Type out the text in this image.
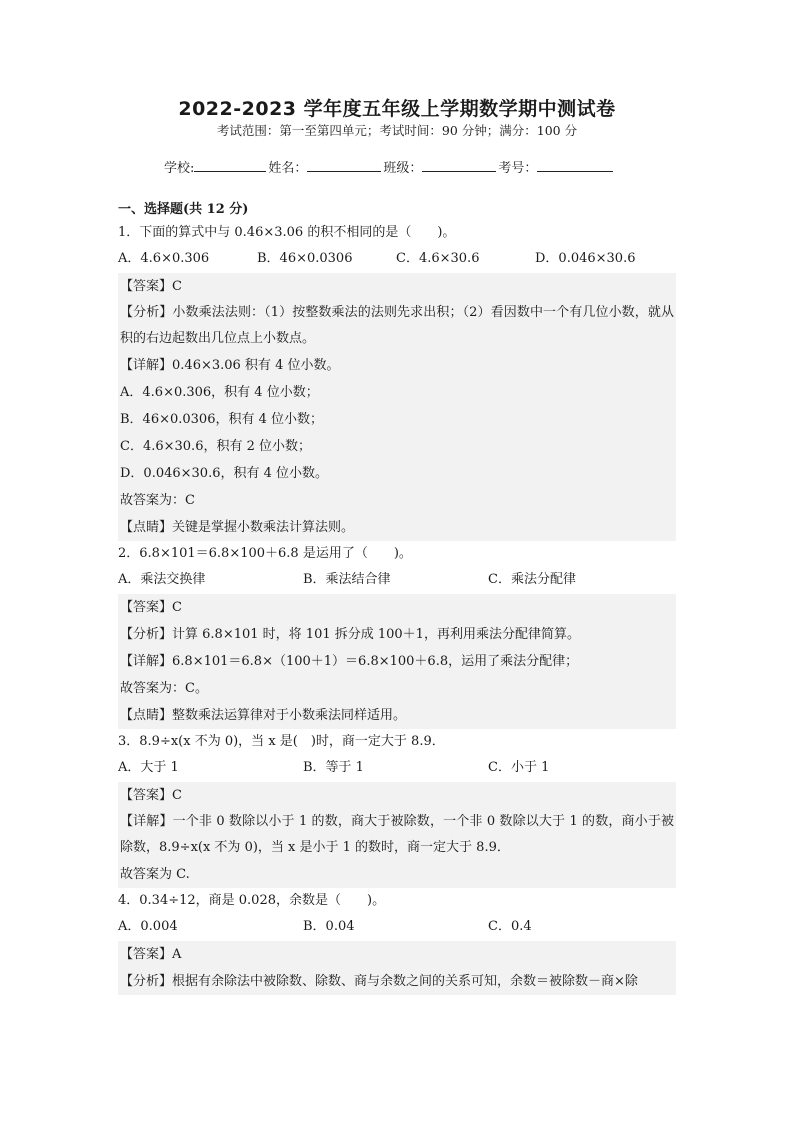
2022-2023 学年度五年级上学期数学期中测试卷
考试范围：第一至第四单元；考试时间：90 分钟；满分：100 分
学校:	姓名：	班级：	考号：
一、选择题(共 12 分)
1．下面的算式中与 0.46×3.06 的积不相同的是（　　)。
A．4.6×0.306	B．46×0.0306	C．4.6×30.6	D．0.046×30.6
【答案】C
【分析】小数乘法法则：（1）按整数乘法的法则先求出积；（2）看因数中一个有几位小数，就从积的右边起数出几位点上小数点。
【详解】0.46×3.06 积有 4 位小数。
A．4.6×0.306，积有 4 位小数；
B．46×0.0306，积有 4 位小数；
C．4.6×30.6，积有 2 位小数；
D．0.046×30.6，积有 4 位小数。
故答案为：C
【点睛】关键是掌握小数乘法计算法则。
2．6.8×101＝6.8×100＋6.8 是运用了（　　)。
A．乘法交换律	B．乘法结合律	C．乘法分配律
【答案】C
【分析】计算 6.8×101 时，将 101 拆分成 100＋1，再利用乘法分配律简算。
【详解】6.8×101＝6.8×（100＋1）＝6.8×100＋6.8，运用了乘法分配律；
故答案为：C。
【点睛】整数乘法运算律对于小数乘法同样适用。
3．8.9÷x(x 不为 0)，当 x 是(　)时，商一定大于 8.9．
A．大于 1	B．等于 1	C．小于 1
【答案】C
【详解】一个非 0 数除以小于 1 的数，商大于被除数，一个非 0 数除以大于 1 的数，商小于被除数，8.9÷x(x 不为 0)，当 x 是小于 1 的数时，商一定大于 8.9．
故答案为 C.
4．0.34÷12，商是 0.028，余数是（　　)。
A．0.004	B．0.04	C．0.4
【答案】A
【分析】根据有余除法中被除数、除数、商与余数之间的关系可知，余数＝被除数－商×除
